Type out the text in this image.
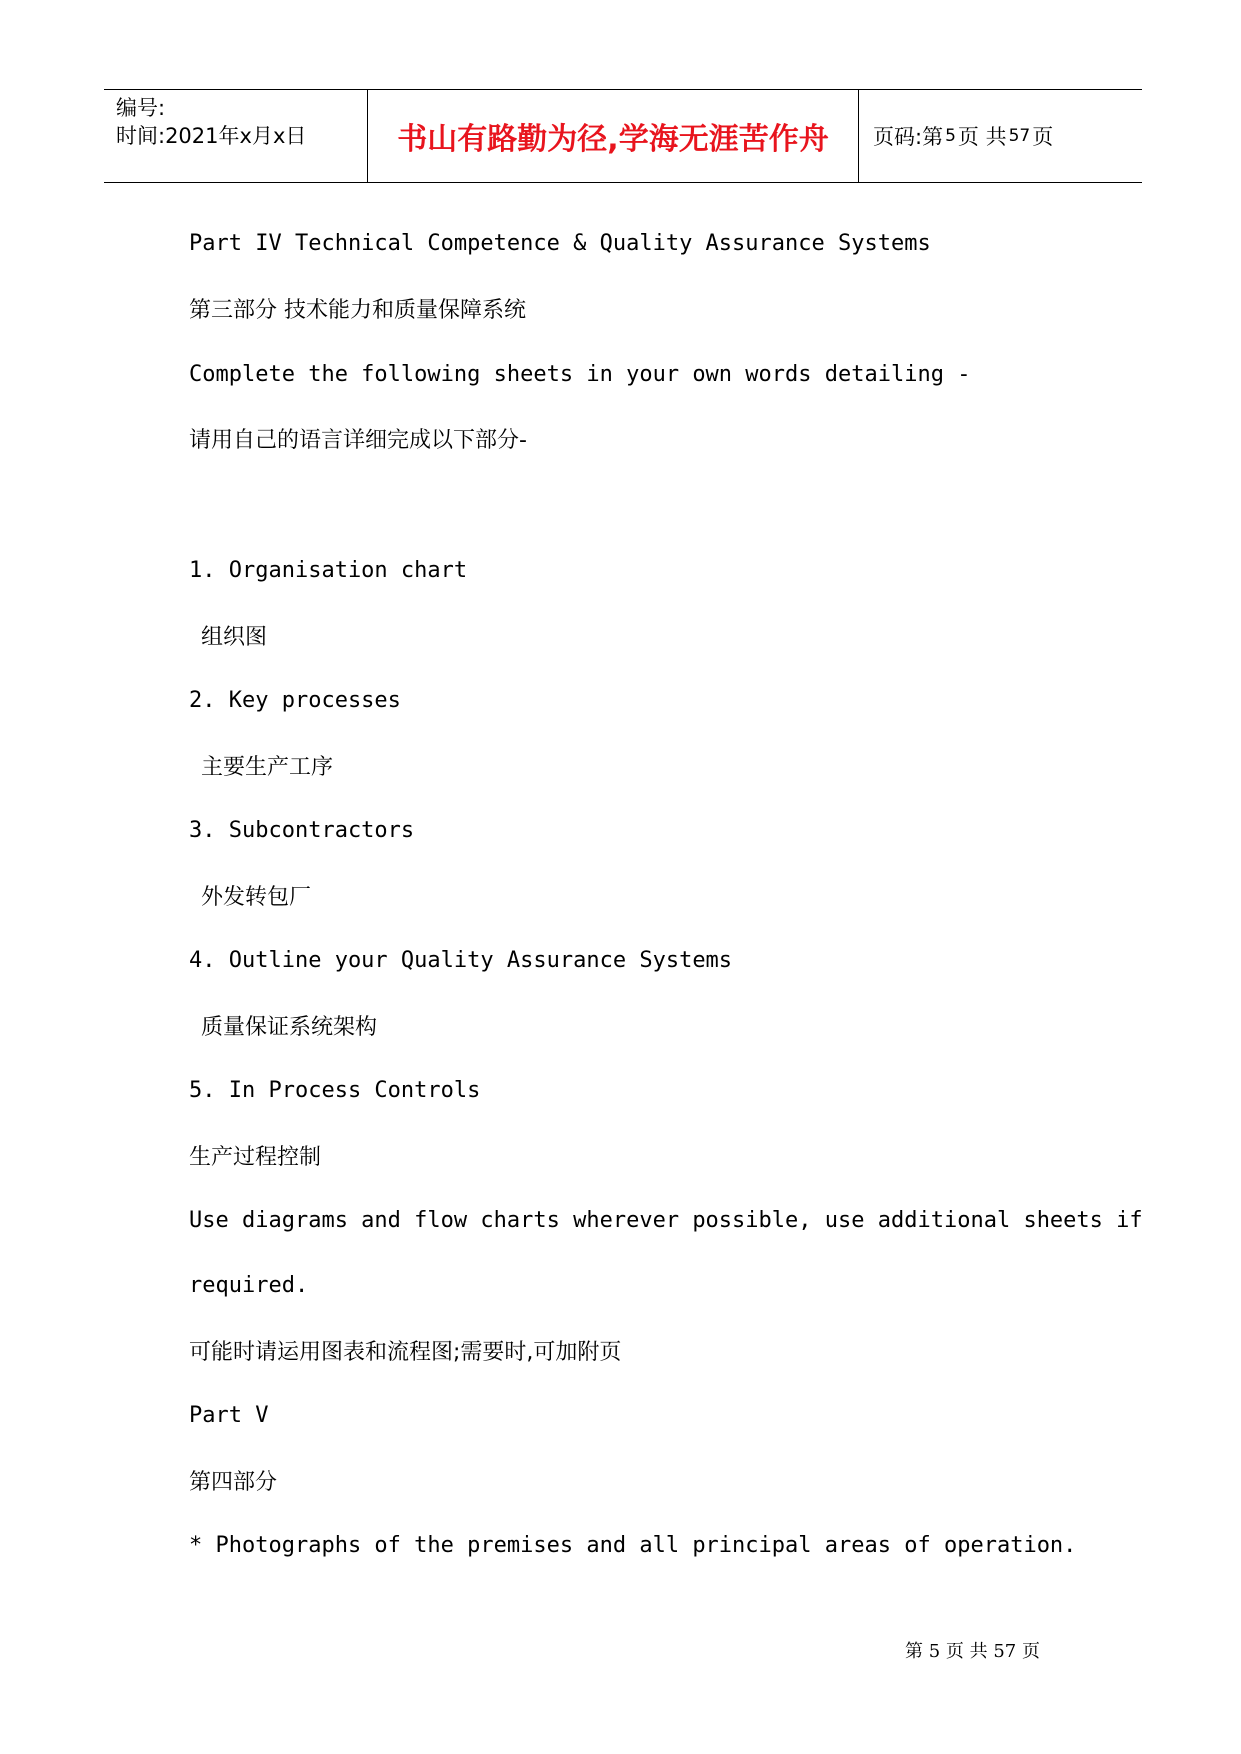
编号:
时间:2021年x月x日	书山有路勤为径,学海无涯苦作舟 页码:第 5 页 共 57 页
Part IV Technical Competence & Quality Assurance Systems
第三部分 技术能力和质量保障系统
Complete the following sheets in your own words detailing -
请用自己的语言详细完成以下部分-
1. Organisation chart
组织图
2. Key processes
主要生产工序
3. Subcontractors
外发转包厂
4. Outline your Quality Assurance Systems
质量保证系统架构
5. In Process Controls
生产过程控制
Use diagrams and flow charts wherever possible, use additional sheets if
required.
可能时请运用图表和流程图;需要时,可加附页
Part V
第四部分
* Photographs of the premises and all principal areas of operation.
第 5 页 共 57 页
